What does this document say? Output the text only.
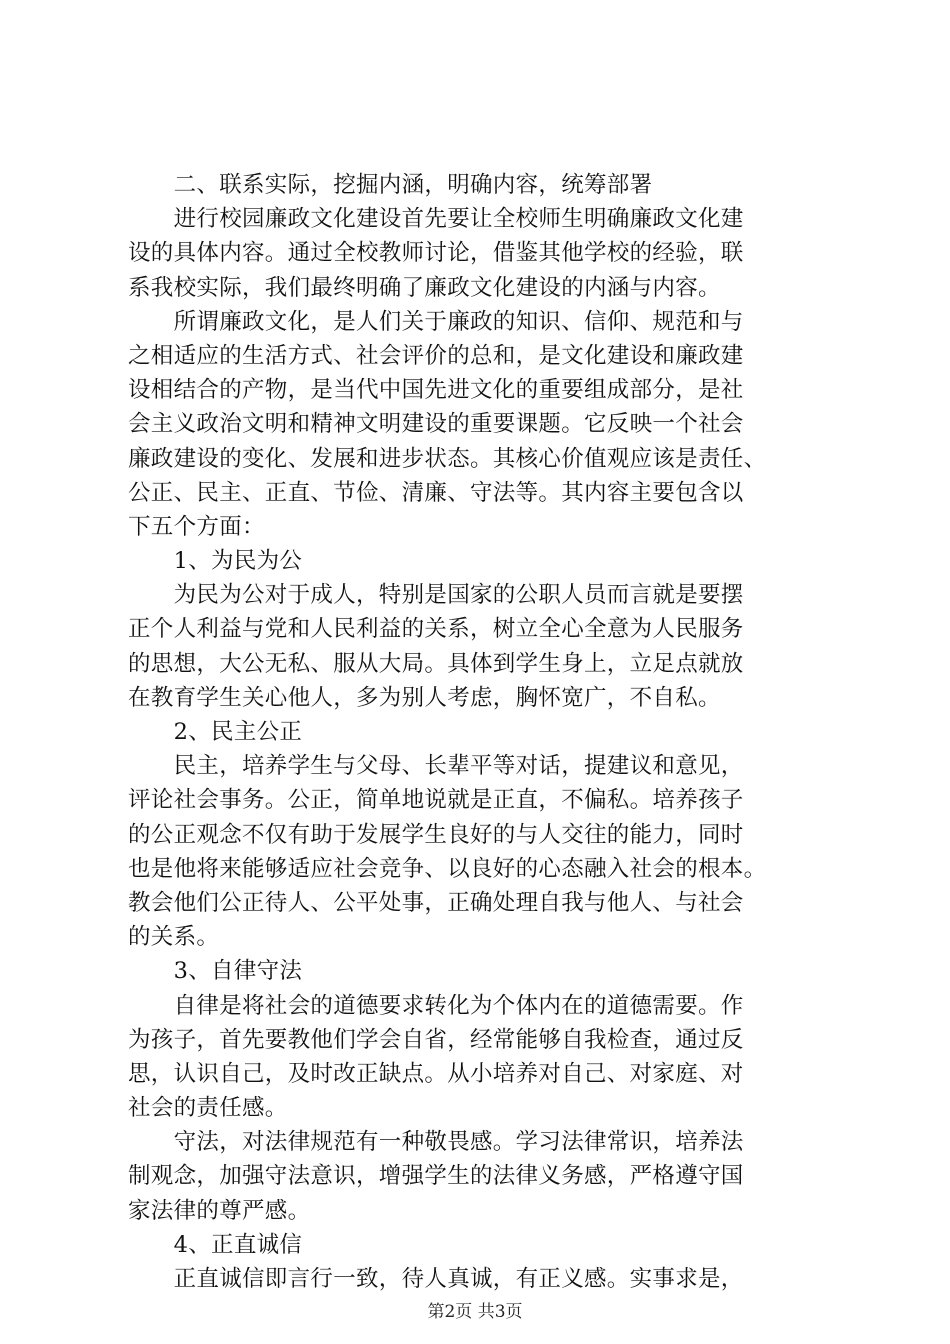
　　二、联系实际，挖掘内涵，明确内容，统筹部署
　　进行校园廉政文化建设首先要让全校师生明确廉政文化建
设的具体内容。通过全校教师讨论，借鉴其他学校的经验，联
系我校实际，我们最终明确了廉政文化建设的内涵与内容。
　　所谓廉政文化，是人们关于廉政的知识、信仰、规范和与
之相适应的生活方式、社会评价的总和，是文化建设和廉政建
设相结合的产物，是当代中国先进文化的重要组成部分，是社
会主义政治文明和精神文明建设的重要课题。它反映一个社会
廉政建设的变化、发展和进步状态。其核心价值观应该是责任、
公正、民主、正直、节俭、清廉、守法等。其内容主要包含以
下五个方面：
　　1、为民为公
　　为民为公对于成人，特别是国家的公职人员而言就是要摆
正个人利益与党和人民利益的关系，树立全心全意为人民服务
的思想，大公无私、服从大局。具体到学生身上，立足点就放
在教育学生关心他人，多为别人考虑，胸怀宽广，不自私。
　　2、民主公正
　　民主，培养学生与父母、长辈平等对话，提建议和意见，
评论社会事务。公正，简单地说就是正直，不偏私。培养孩子
的公正观念不仅有助于发展学生良好的与人交往的能力，同时
也是他将来能够适应社会竞争、以良好的心态融入社会的根本。
教会他们公正待人、公平处事，正确处理自我与他人、与社会
的关系。
　　3、自律守法
　　自律是将社会的道德要求转化为个体内在的道德需要。作
为孩子，首先要教他们学会自省，经常能够自我检查，通过反
思，认识自己，及时改正缺点。从小培养对自己、对家庭、对
社会的责任感。
　　守法，对法律规范有一种敬畏感。学习法律常识，培养法
制观念，加强守法意识，增强学生的法律义务感，严格遵守国
家法律的尊严感。
　　4、正直诚信
　　正直诚信即言行一致，待人真诚，有正义感。实事求是，
第2页 共3页
